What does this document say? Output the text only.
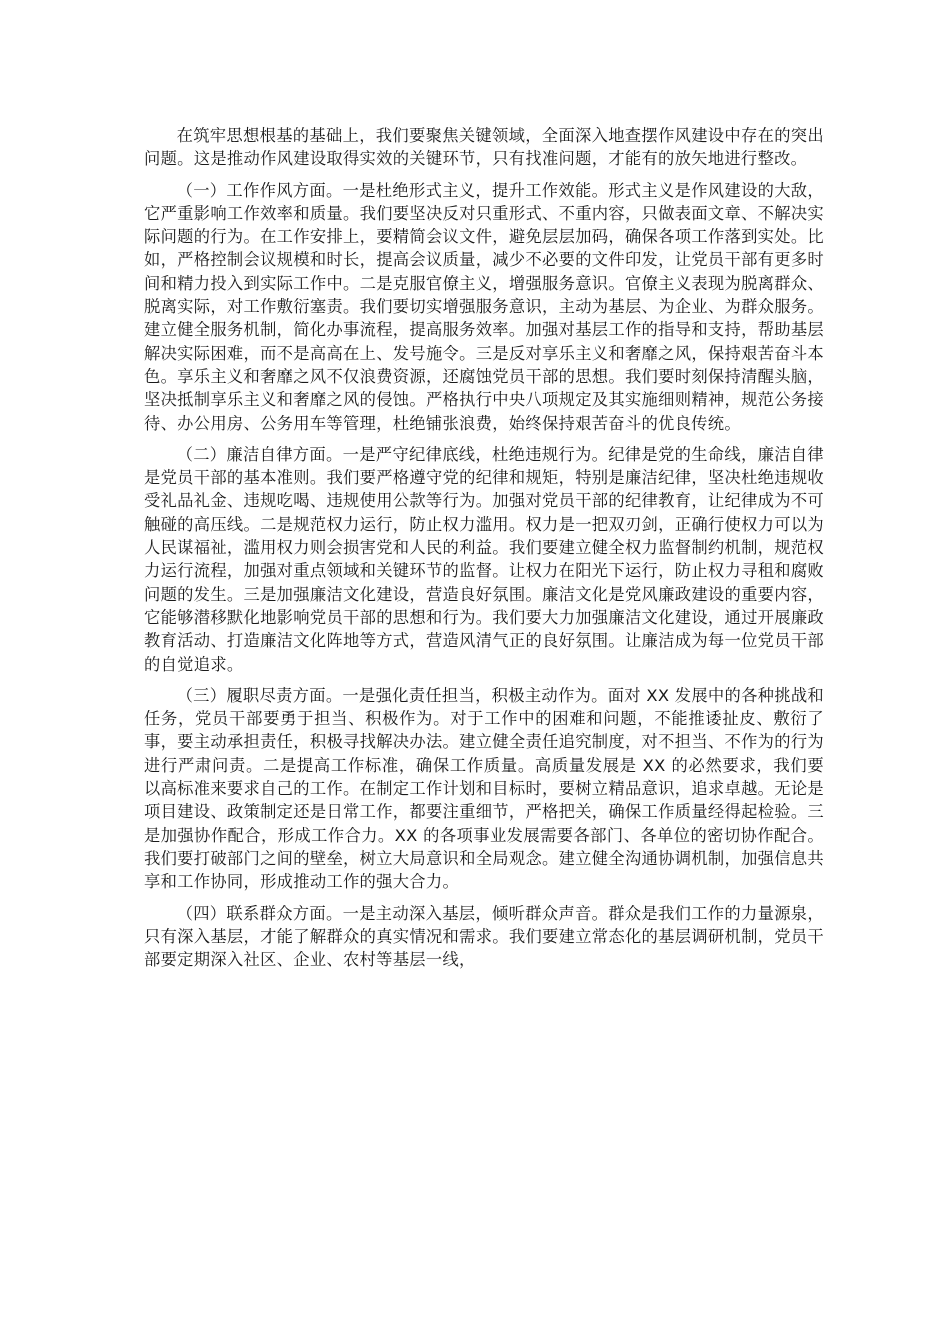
在筑牢思想根基的基础上，我们要聚焦关键领域，全面深入地查摆作风建设中存在的突出问题。这是推动作风建设取得实效的关键环节，只有找准问题，才能有的放矢地进行整改。

（一）工作作风方面。一是杜绝形式主义，提升工作效能。形式主义是作风建设的大敌，它严重影响工作效率和质量。我们要坚决反对只重形式、不重内容，只做表面文章、不解决实际问题的行为。在工作安排上，要精简会议文件，避免层层加码，确保各项工作落到实处。比如，严格控制会议规模和时长，提高会议质量，减少不必要的文件印发，让党员干部有更多时间和精力投入到实际工作中。二是克服官僚主义，增强服务意识。官僚主义表现为脱离群众、脱离实际，对工作敷衍塞责。我们要切实增强服务意识，主动为基层、为企业、为群众服务。建立健全服务机制，简化办事流程，提高服务效率。加强对基层工作的指导和支持，帮助基层解决实际困难，而不是高高在上、发号施令。三是反对享乐主义和奢靡之风，保持艰苦奋斗本色。享乐主义和奢靡之风不仅浪费资源，还腐蚀党员干部的思想。我们要时刻保持清醒头脑，坚决抵制享乐主义和奢靡之风的侵蚀。严格执行中央八项规定及其实施细则精神，规范公务接待、办公用房、公务用车等管理，杜绝铺张浪费，始终保持艰苦奋斗的优良传统。

（二）廉洁自律方面。一是严守纪律底线，杜绝违规行为。纪律是党的生命线，廉洁自律是党员干部的基本准则。我们要严格遵守党的纪律和规矩，特别是廉洁纪律，坚决杜绝违规收受礼品礼金、违规吃喝、违规使用公款等行为。加强对党员干部的纪律教育，让纪律成为不可触碰的高压线。二是规范权力运行，防止权力滥用。权力是一把双刃剑，正确行使权力可以为人民谋福祉，滥用权力则会损害党和人民的利益。我们要建立健全权力监督制约机制，规范权力运行流程，加强对重点领域和关键环节的监督。让权力在阳光下运行，防止权力寻租和腐败问题的发生。三是加强廉洁文化建设，营造良好氛围。廉洁文化是党风廉政建设的重要内容，它能够潜移默化地影响党员干部的思想和行为。我们要大力加强廉洁文化建设，通过开展廉政教育活动、打造廉洁文化阵地等方式，营造风清气正的良好氛围。让廉洁成为每一位党员干部的自觉追求。

（三）履职尽责方面。一是强化责任担当，积极主动作为。面对 XX 发展中的各种挑战和任务，党员干部要勇于担当、积极作为。对于工作中的困难和问题，不能推诿扯皮、敷衍了事，要主动承担责任，积极寻找解决办法。建立健全责任追究制度，对不担当、不作为的行为进行严肃问责。二是提高工作标准，确保工作质量。高质量发展是 XX 的必然要求，我们要以高标准来要求自己的工作。在制定工作计划和目标时，要树立精品意识，追求卓越。无论是项目建设、政策制定还是日常工作，都要注重细节，严格把关，确保工作质量经得起检验。三是加强协作配合，形成工作合力。XX 的各项事业发展需要各部门、各单位的密切协作配合。我们要打破部门之间的壁垒，树立大局意识和全局观念。建立健全沟通协调机制，加强信息共享和工作协同，形成推动工作的强大合力。

（四）联系群众方面。一是主动深入基层，倾听群众声音。群众是我们工作的力量源泉，只有深入基层，才能了解群众的真实情况和需求。我们要建立常态化的基层调研机制，党员干部要定期深入社区、企业、农村等基层一线，
